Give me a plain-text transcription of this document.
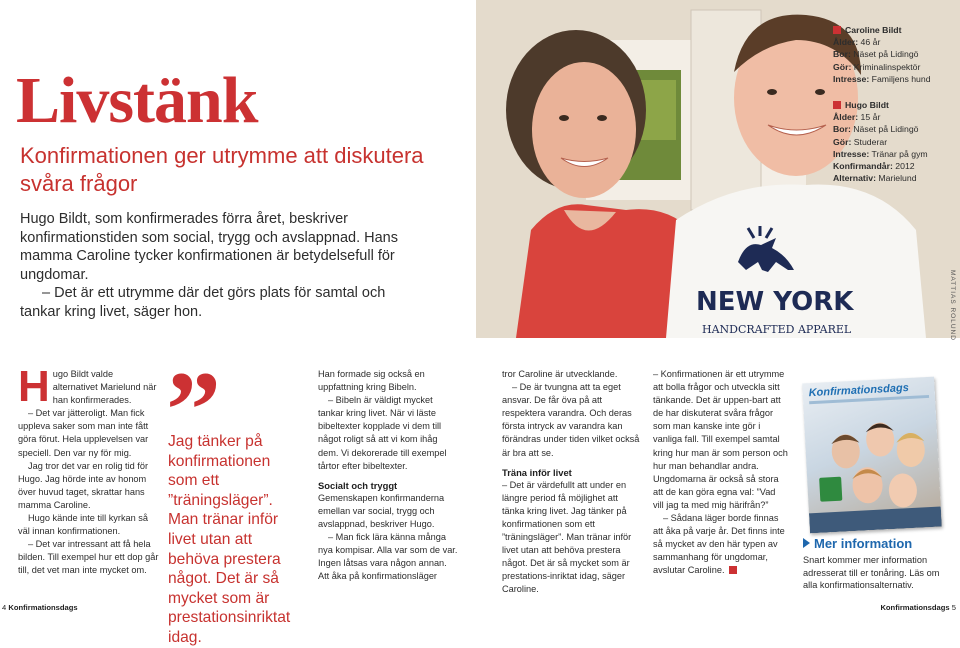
Livstänk
Konfirmationen ger utrymme att diskutera svåra frågor

Hugo Bildt, som konfirmerades förra året, beskriver konfirmationstiden som social, trygg och avslappnad. Hans mamma Caroline tycker konfirmationen är betydelsefull för ungdomar.

– Det är ett utrymme där det görs plats för samtal och tankar kring livet, säger hon.	NEW YORK
HANDCRAFTED APPAREL	MATTIAS ROLUND
Caroline Bildt
Ålder: 46 år
Bor: Näset på Lidingö
Gör: Kriminalinspektör
Intresse: Familjens hund
Hugo Bildt
Ålder: 15 år
Bor: Näset på Lidingö
Gör: Studerar
Intresse: Tränar på gym
Konfirmandår: 2012
Alternativ: Marielund

Hugo Bildt valde alternativet Marielund när han konfirmerades.

– Det var jätteroligt. Man fick uppleva saker som man inte fått göra förut. Hela upplevelsen var speciell. Den var ny för mig.

Jag tror det var en rolig tid för Hugo. Jag hörde inte av honom över huvud taget, skrattar hans mamma Caroline.

Hugo kände inte till kyrkan så väl innan konfirmationen.

– Det var intressant att få hela bilden. Till exempel hur ett dop går till, det vet man inte mycket om.

Jag tänker på konfirmationen som ett ”träningsläger”. Man tränar inför livet utan att behöva prestera något. Det är så mycket som är prestationsinriktat idag.

Han formade sig också en uppfattning kring Bibeln.

– Bibeln är väldigt mycket tankar kring livet. När vi läste bibeltexter kopplade vi dem till något roligt så att vi kom ihåg dem. Vi dekorerade till exempel tårtor efter bibeltexter.

Socialt och tryggt

Gemenskapen konfirmanderna emellan var social, trygg och avslappnad, beskriver Hugo.

– Man fick lära känna många nya kompisar. Alla var som de var. Ingen låtsas vara någon annan. Att åka på konfirmationsläger

tror Caroline är utvecklande.

– De är tvungna att ta eget ansvar. De får öva på att respektera varandra. Och deras första intryck av varandra kan förändras under tiden vilket också är bra att se.

Träna inför livet

– Det är värdefullt att under en längre period få möjlighet att tänka kring livet. Jag tänker på konfirmationen som ett ”träningsläger”. Man tränar inför livet utan att behöva prestera något. Det är så mycket som är prestations-inriktat idag, säger Caroline.

– Konfirmationen är ett utrymme att bolla frågor och utveckla sitt tänkande. Det är uppen-bart att de har diskuterat svåra frågor som man kanske inte gör i vanliga fall. Till exempel samtal kring hur man är som person och hur man behandlar andra. Ungdomarna är också så stora att de kan göra egna val: ”Vad vill jag ta med mig härifrån?”

– Sådana läger borde finnas att åka på varje år. Det finns inte så mycket av den här typen av sammanhang för ungdomar, avslutar Caroline.

Konfirmationsdags
Mer information
Snart kommer mer information adresserat till er tonåring. Läs om alla konfirmationsalternativ.
4 Konfirmationsdags	Konfirmationsdags 5
